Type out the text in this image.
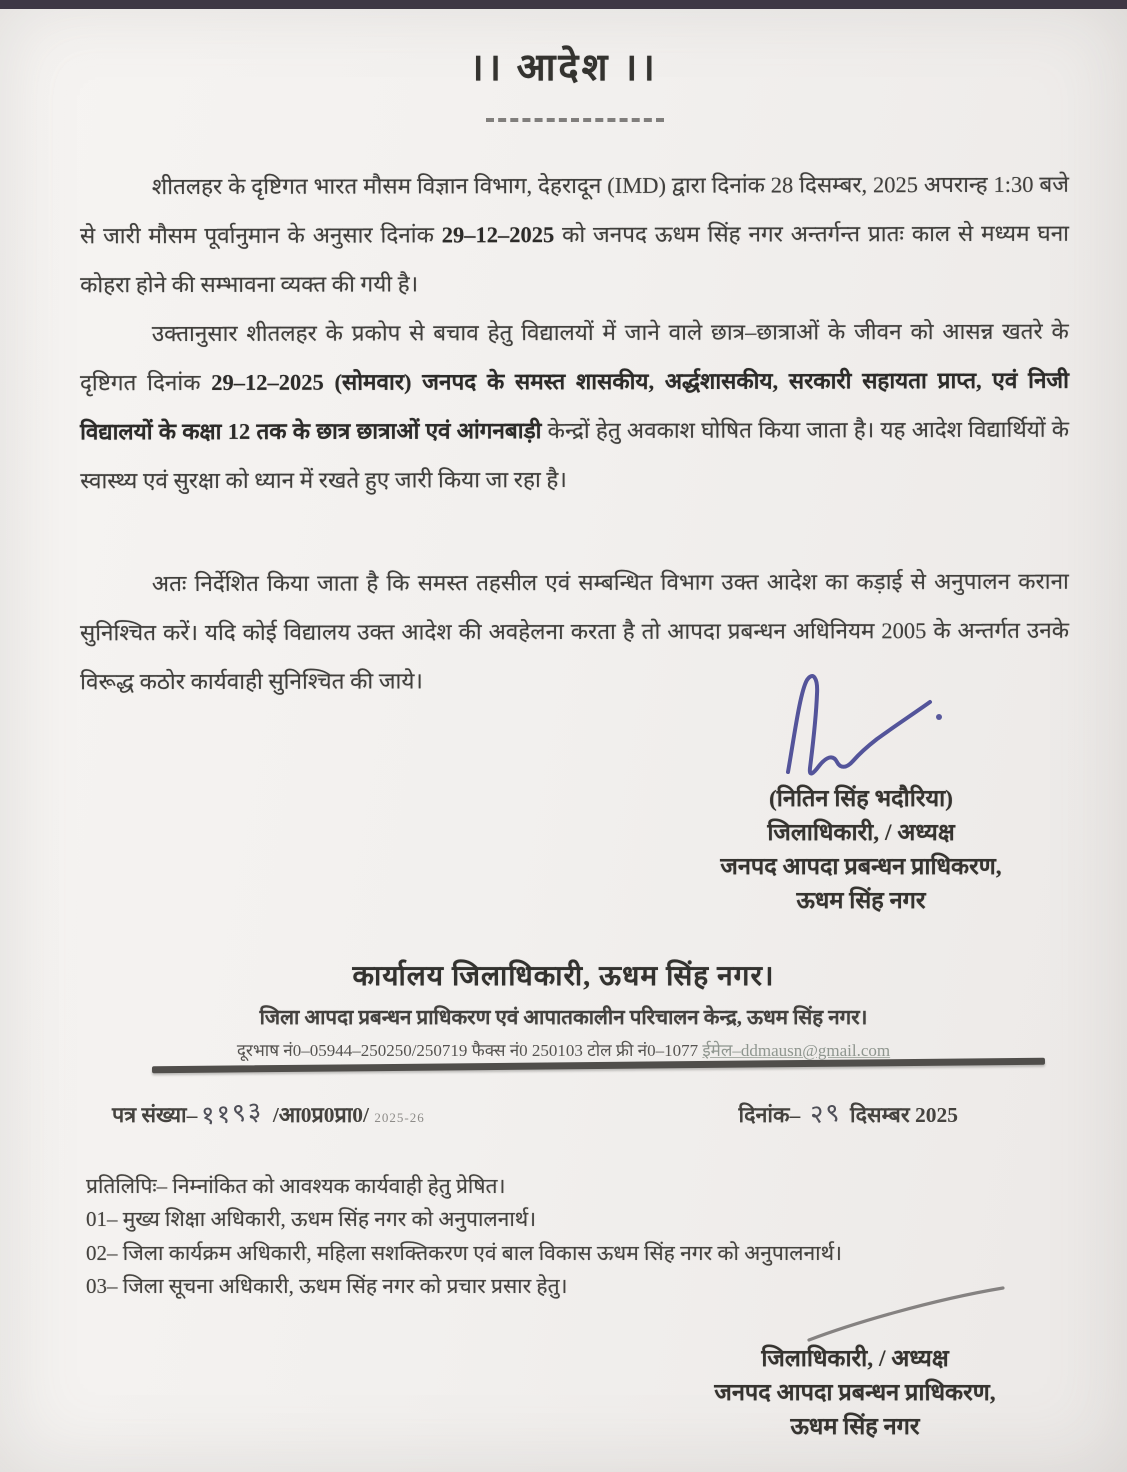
।। आदेश ।।

शीतलहर के दृष्टिगत भारत मौसम विज्ञान विभाग, देहरादून (IMD) द्वारा दिनांक 28 दिसम्बर, 2025 अपरान्ह 1:30 बजे से जारी मौसम पूर्वानुमान के अनुसार दिनांक 29–12–2025 को जनपद ऊधम सिंह नगर अन्तर्गन्त प्रातः काल से मध्यम घना कोहरा होने की सम्भावना व्यक्त की गयी है।

उक्तानुसार शीतलहर के प्रकोप से बचाव हेतु विद्यालयों में जाने वाले छात्र–छात्राओं के जीवन को आसन्न खतरे के दृष्टिगत दिनांक 29–12–2025 (सोमवार) जनपद के समस्त शासकीय, अर्द्धशासकीय, सरकारी सहायता प्राप्त, एवं निजी विद्यालयों के कक्षा 12 तक के छात्र छात्राओं एवं आंगनबाड़ी केन्द्रों हेतु अवकाश घोषित किया जाता है। यह आदेश विद्यार्थियों के स्वास्थ्य एवं सुरक्षा को ध्यान में रखते हुए जारी किया जा रहा है।

अतः निर्देशित किया जाता है कि समस्त तहसील एवं सम्बन्धित विभाग उक्त आदेश का कड़ाई से अनुपालन कराना सुनिश्चित करें। यदि कोई विद्यालय उक्त आदेश की अवहेलना करता है तो आपदा प्रबन्धन अधिनियम 2005 के अन्तर्गत उनके विरूद्ध कठोर कार्यवाही सुनिश्चित की जाये।

(नितिन सिंह भदौरिया)
जिलाधिकारी, / अध्यक्ष
जनपद आपदा प्रबन्धन प्राधिकरण,
ऊधम सिंह नगर
कार्यालय जिलाधिकारी, ऊधम सिंह नगर।
जिला आपदा प्रबन्धन प्राधिकरण एवं आपातकालीन परिचालन केन्द्र, ऊधम सिंह नगर।
दूरभाष नं0–05944–250250/250719 फैक्स नं0 250103 टोल फ्री नं0–1077 ईमेल–ddmausn@gmail.com
पत्र संख्या– ११९३ /आ0प्र0प्रा0/ 2025-26	दिनांक– २९ दिसम्बर 2025
प्रतिलिपिः– निम्नांकित को आवश्यक कार्यवाही हेतु प्रेषित।
01– मुख्य शिक्षा अधिकारी, ऊधम सिंह नगर को अनुपालनार्थ।
02– जिला कार्यक्रम अधिकारी, महिला सशक्तिकरण एवं बाल विकास ऊधम सिंह नगर को अनुपालनार्थ।
03– जिला सूचना अधिकारी, ऊधम सिंह नगर को प्रचार प्रसार हेतु।
जिलाधिकारी, / अध्यक्ष
जनपद आपदा प्रबन्धन प्राधिकरण,
ऊधम सिंह नगर
